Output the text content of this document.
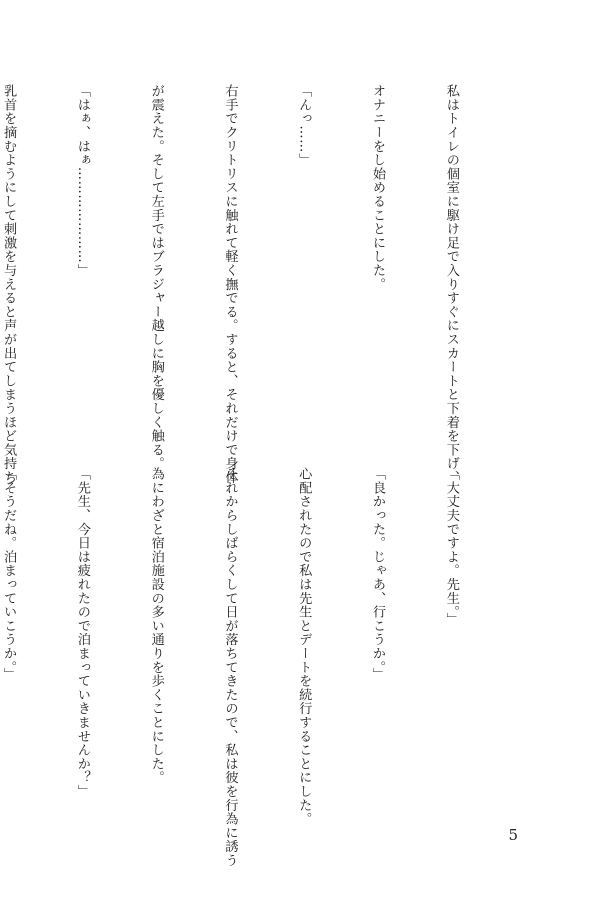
私はトイレの個室に駆け足で入りすぐにスカートと下着を下げ、

オナニーをし始めることにした。

「んっ……」

右手でクリトリスに触れて軽く撫でる。すると、それだけで身体

が震えた。そして左手ではブラジャー越しに胸を優しく触る。

「はぁ、はぁ…………………」

乳首を摘むようにして刺激を与えると声が出てしまうほど気持ち

「大丈夫ですよ。先生。」

「良かった。じゃあ、行こうか。」

心配されたので私は先生とデートを続行することにした。

それからしばらくして日が落ちてきたので、私は彼を行為に誘う

為にわざと宿泊施設の多い通りを歩くことにした。

「先生、今日は疲れたので泊まっていきませんか？」

「そうだね。泊まっていこうか。」

5
